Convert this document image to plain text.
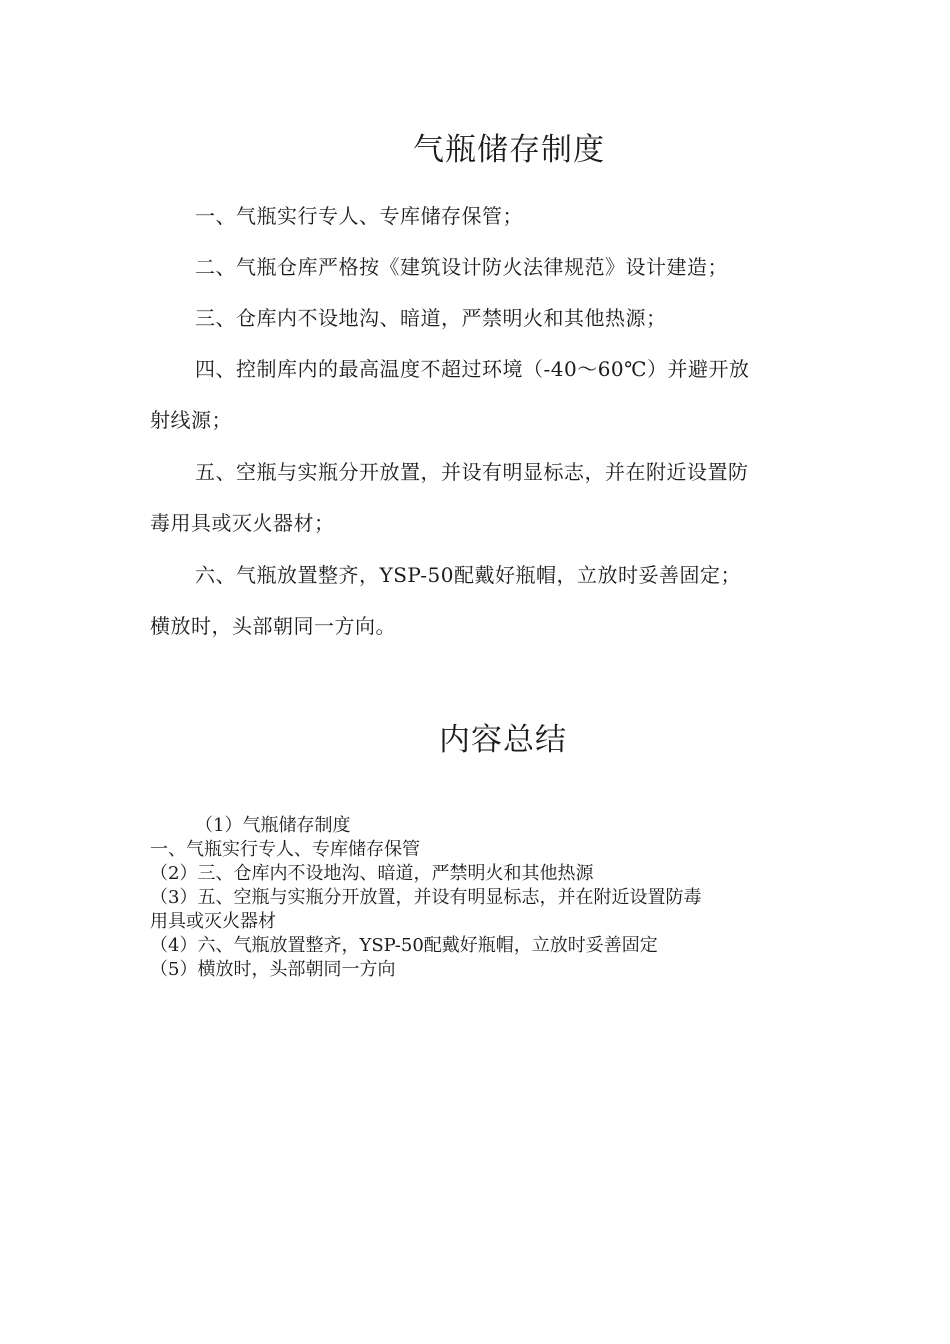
气瓶储存制度

一、气瓶实行专人、专库储存保管；

二、气瓶仓库严格按《建筑设计防火法律规范》设计建造；

三、仓库内不设地沟、暗道，严禁明火和其他热源；

四、控制库内的最高温度不超过环境（-40～60℃）并避开放

射线源；

五、空瓶与实瓶分开放置，并设有明显标志，并在附近设置防

毒用具或灭火器材；

六、气瓶放置整齐，YSP-50配戴好瓶帽，立放时妥善固定；

横放时，头部朝同一方向。

内容总结

（1）气瓶储存制度

一、气瓶实行专人、专库储存保管

（2）三、仓库内不设地沟、暗道，严禁明火和其他热源

（3）五、空瓶与实瓶分开放置，并设有明显标志，并在附近设置防毒

用具或灭火器材

（4）六、气瓶放置整齐，YSP-50配戴好瓶帽，立放时妥善固定

（5）横放时，头部朝同一方向
